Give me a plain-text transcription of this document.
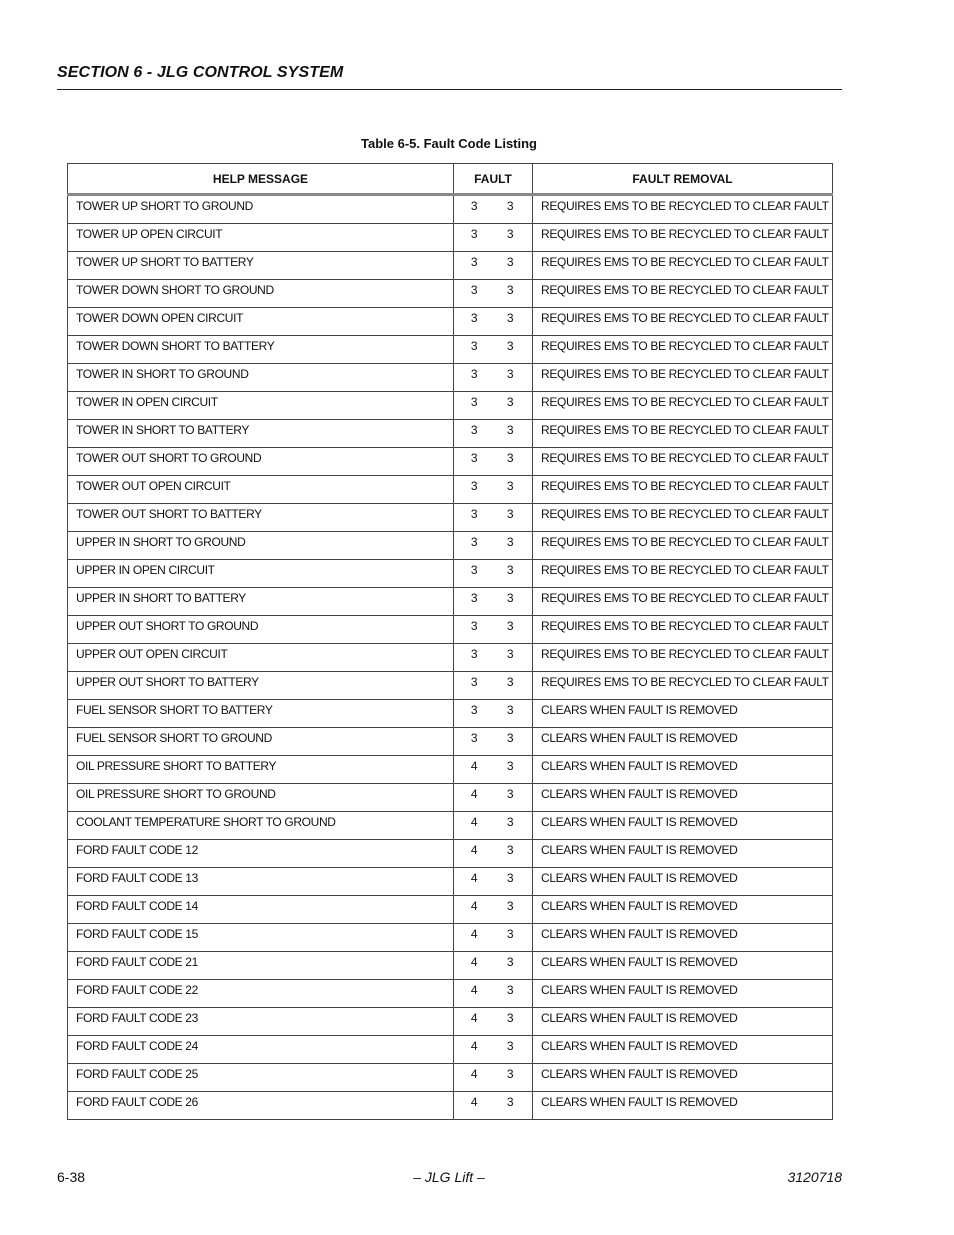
SECTION 6 - JLG CONTROL SYSTEM
Table 6-5. Fault Code Listing
HELP MESSAGE	FAULT	FAULT REMOVAL
TOWER UP SHORT TO GROUND	3 3	REQUIRES EMS TO BE RECYCLED TO CLEAR FAULT
TOWER UP OPEN CIRCUIT	3 3	REQUIRES EMS TO BE RECYCLED TO CLEAR FAULT
TOWER UP SHORT TO BATTERY	3 3	REQUIRES EMS TO BE RECYCLED TO CLEAR FAULT
TOWER DOWN SHORT TO GROUND	3 3	REQUIRES EMS TO BE RECYCLED TO CLEAR FAULT
TOWER DOWN OPEN CIRCUIT	3 3	REQUIRES EMS TO BE RECYCLED TO CLEAR FAULT
TOWER DOWN SHORT TO BATTERY	3 3	REQUIRES EMS TO BE RECYCLED TO CLEAR FAULT
TOWER IN SHORT TO GROUND	3 3	REQUIRES EMS TO BE RECYCLED TO CLEAR FAULT
TOWER IN OPEN CIRCUIT	3 3	REQUIRES EMS TO BE RECYCLED TO CLEAR FAULT
TOWER IN SHORT TO BATTERY	3 3	REQUIRES EMS TO BE RECYCLED TO CLEAR FAULT
TOWER OUT SHORT TO GROUND	3 3	REQUIRES EMS TO BE RECYCLED TO CLEAR FAULT
TOWER OUT OPEN CIRCUIT	3 3	REQUIRES EMS TO BE RECYCLED TO CLEAR FAULT
TOWER OUT SHORT TO BATTERY	3 3	REQUIRES EMS TO BE RECYCLED TO CLEAR FAULT
UPPER IN SHORT TO GROUND	3 3	REQUIRES EMS TO BE RECYCLED TO CLEAR FAULT
UPPER IN OPEN CIRCUIT	3 3	REQUIRES EMS TO BE RECYCLED TO CLEAR FAULT
UPPER IN SHORT TO BATTERY	3 3	REQUIRES EMS TO BE RECYCLED TO CLEAR FAULT
UPPER OUT SHORT TO GROUND	3 3	REQUIRES EMS TO BE RECYCLED TO CLEAR FAULT
UPPER OUT OPEN CIRCUIT	3 3	REQUIRES EMS TO BE RECYCLED TO CLEAR FAULT
UPPER OUT SHORT TO BATTERY	3 3	REQUIRES EMS TO BE RECYCLED TO CLEAR FAULT
FUEL SENSOR SHORT TO BATTERY	3 3	CLEARS WHEN FAULT IS REMOVED
FUEL SENSOR SHORT TO GROUND	3 3	CLEARS WHEN FAULT IS REMOVED
OIL PRESSURE SHORT TO BATTERY	4 3	CLEARS WHEN FAULT IS REMOVED
OIL PRESSURE SHORT TO GROUND	4 3	CLEARS WHEN FAULT IS REMOVED
COOLANT TEMPERATURE SHORT TO GROUND	4 3	CLEARS WHEN FAULT IS REMOVED
FORD FAULT CODE 12	4 3	CLEARS WHEN FAULT IS REMOVED
FORD FAULT CODE 13	4 3	CLEARS WHEN FAULT IS REMOVED
FORD FAULT CODE 14	4 3	CLEARS WHEN FAULT IS REMOVED
FORD FAULT CODE 15	4 3	CLEARS WHEN FAULT IS REMOVED
FORD FAULT CODE 21	4 3	CLEARS WHEN FAULT IS REMOVED
FORD FAULT CODE 22	4 3	CLEARS WHEN FAULT IS REMOVED
FORD FAULT CODE 23	4 3	CLEARS WHEN FAULT IS REMOVED
FORD FAULT CODE 24	4 3	CLEARS WHEN FAULT IS REMOVED
FORD FAULT CODE 25	4 3	CLEARS WHEN FAULT IS REMOVED
FORD FAULT CODE 26	4 3	CLEARS WHEN FAULT IS REMOVED
6-38	– JLG Lift –	3120718
